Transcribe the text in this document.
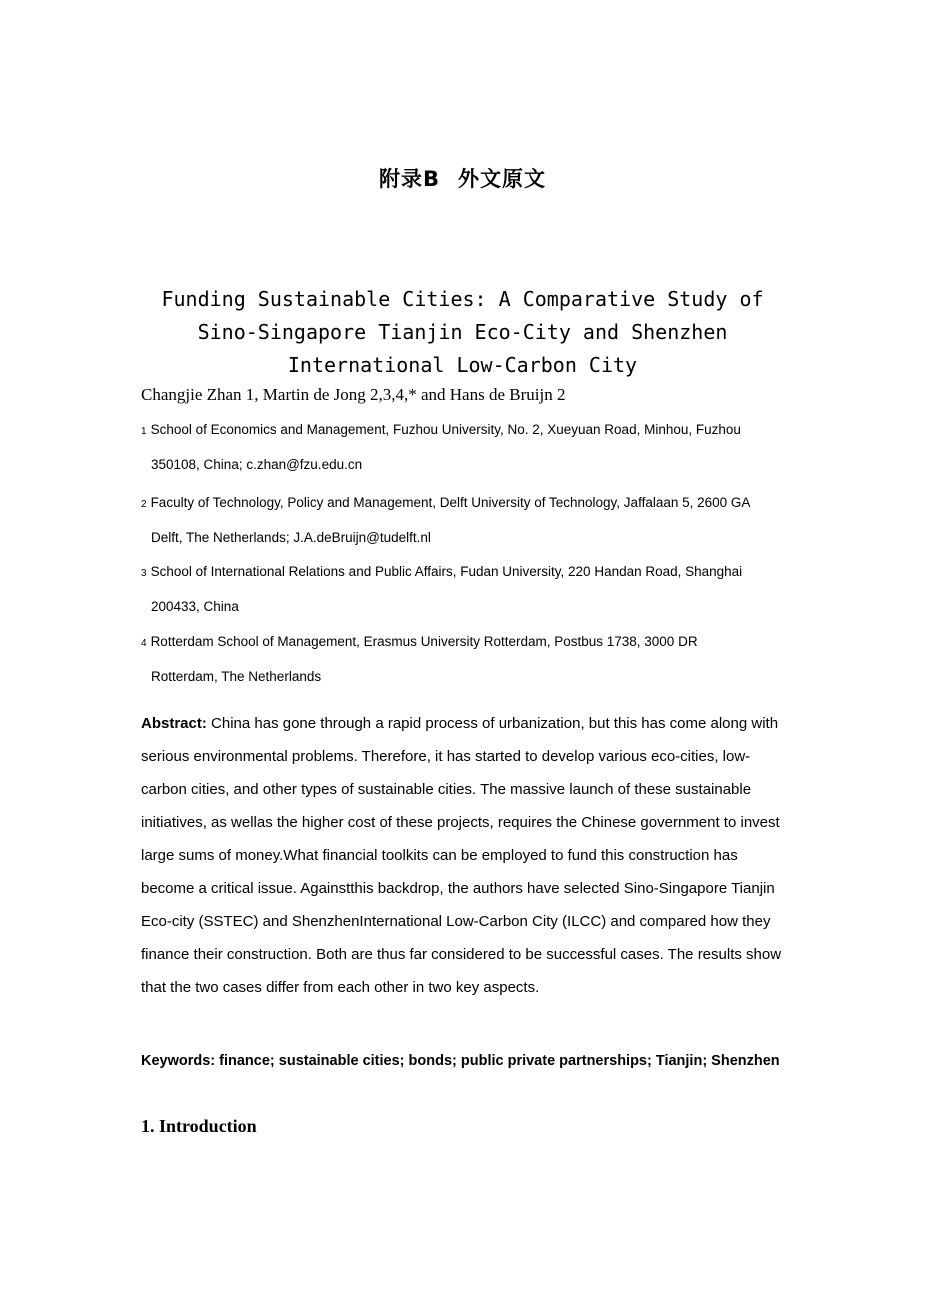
附录B 外文原文
Funding Sustainable Cities: A Comparative Study of Sino-Singapore Tianjin Eco-City and Shenzhen International Low-Carbon City
Changjie Zhan 1, Martin de Jong 2,3,4,* and Hans de Bruijn 2
1 School of Economics and Management, Fuzhou University, No. 2, Xueyuan Road, Minhou, Fuzhou
350108, China; c.zhan@fzu.edu.cn
2 Faculty of Technology, Policy and Management, Delft University of Technology, Jaffalaan 5, 2600 GA
Delft, The Netherlands; J.A.deBruijn@tudelft.nl
3 School of International Relations and Public Affairs, Fudan University, 220 Handan Road, Shanghai
200433, China
4 Rotterdam School of Management, Erasmus University Rotterdam, Postbus 1738, 3000 DR
Rotterdam, The Netherlands
Abstract: China has gone through a rapid process of urbanization, but this has come along with serious environmental problems. Therefore, it has started to develop various eco-cities, low-carbon cities, and other types of sustainable cities. The massive launch of these sustainable initiatives, as wellas the higher cost of these projects, requires the Chinese government to invest large sums of money.What financial toolkits can be employed to fund this construction has become a critical issue. Againstthis backdrop, the authors have selected Sino-Singapore Tianjin Eco-city (SSTEC) and ShenzhenInternational Low-Carbon City (ILCC) and compared how they finance their construction. Both are thus far considered to be successful cases. The results show that the two cases differ from each other in two key aspects.
Keywords: finance; sustainable cities; bonds; public private partnerships; Tianjin; Shenzhen
1. Introduction
